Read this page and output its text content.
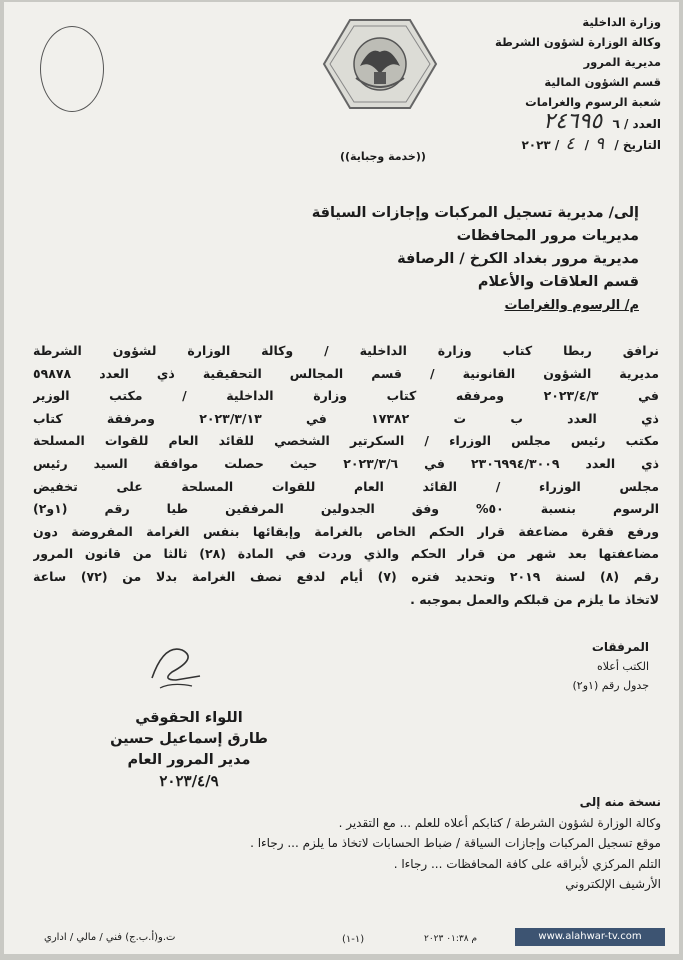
وزارة الداخلية
وكالة الوزارة لشؤون الشرطة
مديرية المرور
قسم الشؤون المالية
شعبة الرسوم والغرامات
العدد / ٦ ٢٤٦٩٥
التاريخ / ٩/ ٤/ ٢٠٢٣
((خدمة وجباية))
إلى/ مديرية تسجيل المركبات وإجازات السياقة
مديريات مرور المحافظات
مديرية مرور بغداد الكرخ / الرصافة
قسم العلاقات والأعلام
م/ الرسوم والغرامات
نرافق ربطا كتاب وزارة الداخلية / وكالة الوزارة لشؤون الشرطة
مديرية الشؤون القانونية / قسم المجالس التحقيقية ذي العدد ٥٩٨٧٨
في ٢٠٢٣/٤/٣ ومرفقه كتاب وزارة الداخلية / مكتب الوزير
ذي العدد ب ت ١٧٣٨٢ في ٢٠٢٣/٣/١٣ ومرفقة كتاب
مكتب رئيس مجلس الوزراء / السكرتير الشخصي للقائد العام للقوات المسلحة
ذي العدد ٢٣٠٦٩٩٤/٣٠٠٩ في ٢٠٢٣/٣/٦ حيث حصلت موافقة السيد رئيس
مجلس الوزراء / القائد العام للقوات المسلحة على تخفيض
الرسوم بنسبة ٥٠% وفق الجدولين المرفقين طيا رقم (١و٢)
ورفع فقرة مضاعفة قرار الحكم الخاص بالغرامة وإبقائها بنفس الغرامة المفروضة دون
مضاعفتها بعد شهر من قرار الحكم والذي وردت في المادة (٢٨) ثالثا من قانون المرور
رقم (٨) لسنة ٢٠١٩ وتحديد فتره (٧) أيام لدفع نصف الغرامة بدلا من (٧٢) ساعة
لاتخاذ ما يلزم من قبلكم والعمل بموجبه .
المرفقات
الكتب أعلاه
جدول رقم (١و٢)
اللواء الحقوقي
طارق إسماعيل حسين
مدير المرور العام
٢٠٢٣/٤/٩
نسخة منه إلى
وكالة الوزارة لشؤون الشرطة / كتابكم أعلاه للعلم ... مع التقدير .
موقع تسجيل المركبات وإجازات السياقة / ضباط الحسابات لاتخاذ ما يلزم ... رجاءا .
التلم المركزي لأبراقه على كافة المحافظات ... رجاءا .
الأرشيف الإلكتروني
ت.و(أ.ب.ج) فني / مالي / اداري	(١-١)	م ٠١:٣٨ ٢٠٢٣	www.alahwar-tv.com
